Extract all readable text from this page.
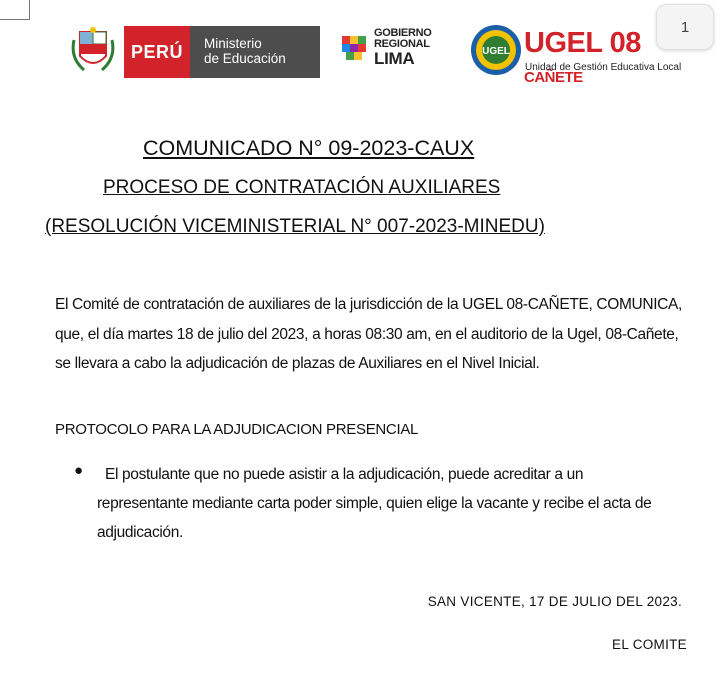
1
PERÚ Ministerio
de Educación
GOBIERNO
REGIONAL
LIMA	UGEL UGEL 08 CAÑETE
Unidad de Gestión Educativa Local
COMUNICADO N° 09-2023-CAUX
PROCESO DE CONTRATACIÓN AUXILIARES
(RESOLUCIÓN VICEMINISTERIAL N° 007-2023-MINEDU)

El Comité de contratación de auxiliares de la jurisdicción de la UGEL 08-CAÑETE, COMUNICA, que, el día martes 18 de julio del 2023, a horas 08:30 am, en el auditorio de la Ugel, 08-Cañete, se llevara a cabo la adjudicación de plazas de Auxiliares en el Nivel Inicial.

PROTOCOLO PARA LA ADJUDICACION PRESENCIAL
●	El postulante que no puede asistir a la adjudicación, puede acreditar a un representante mediante carta poder simple, quien elige la vacante y recibe el acta de adjudicación.

SAN VICENTE, 17 DE JULIO DEL 2023.
EL COMITE
